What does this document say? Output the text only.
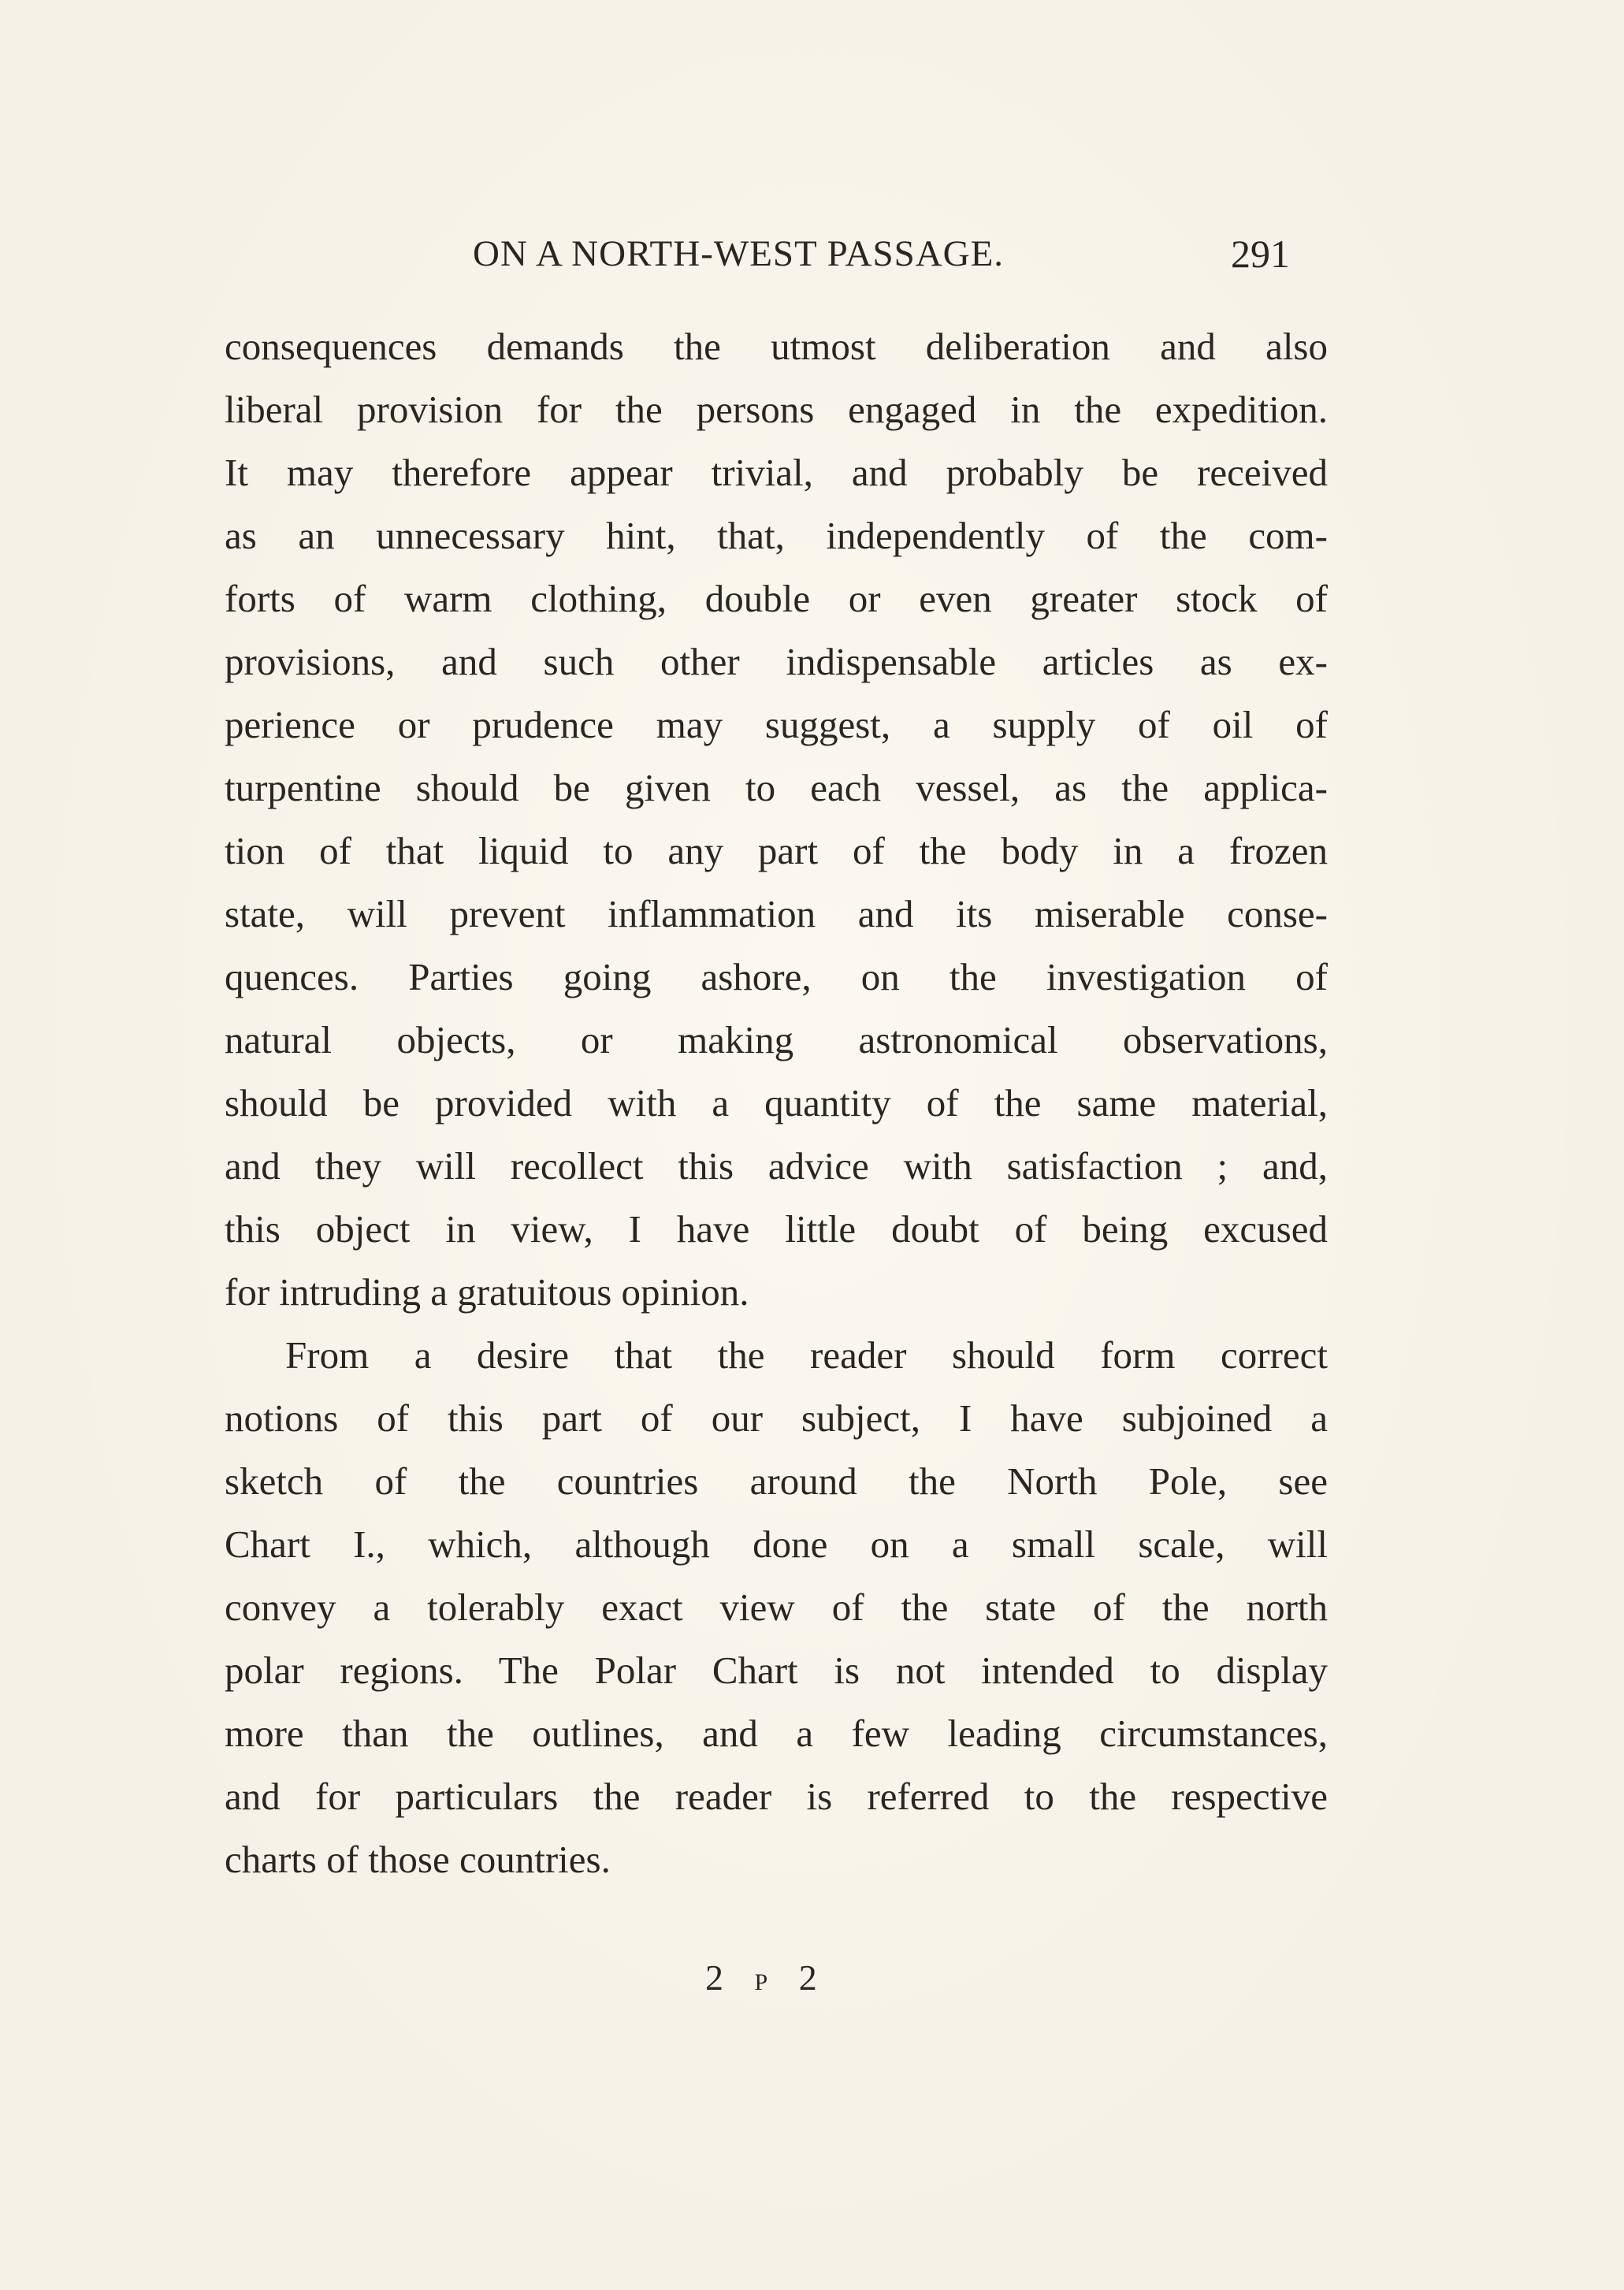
ON A NORTH-WEST PASSAGE.	291
consequences demands the utmost deliberation and also
liberal provision for the persons engaged in the expedition.
It may therefore appear trivial, and probably be received
as an unnecessary hint, that, independently of the com-
forts of warm clothing, double or even greater stock of
provisions, and such other indispensable articles as ex-
perience or prudence may suggest, a supply of oil of
turpentine should be given to each vessel, as the applica-
tion of that liquid to any part of the body in a frozen
state, will prevent inflammation and its miserable conse-
quences. Parties going ashore, on the investigation of
natural objects, or making astronomical observations,
should be provided with a quantity of the same material,
and they will recollect this advice with satisfaction ; and,
this object in view, I have little doubt of being excused
for intruding a gratuitous opinion.
From a desire that the reader should form correct
notions of this part of our subject, I have subjoined a
sketch of the countries around the North Pole, see
Chart I., which, although done on a small scale, will
convey a tolerably exact view of the state of the north
polar regions. The Polar Chart is not intended to display
more than the outlines, and a few leading circumstances,
and for particulars the reader is referred to the respective
charts of those countries.
2 P 2
